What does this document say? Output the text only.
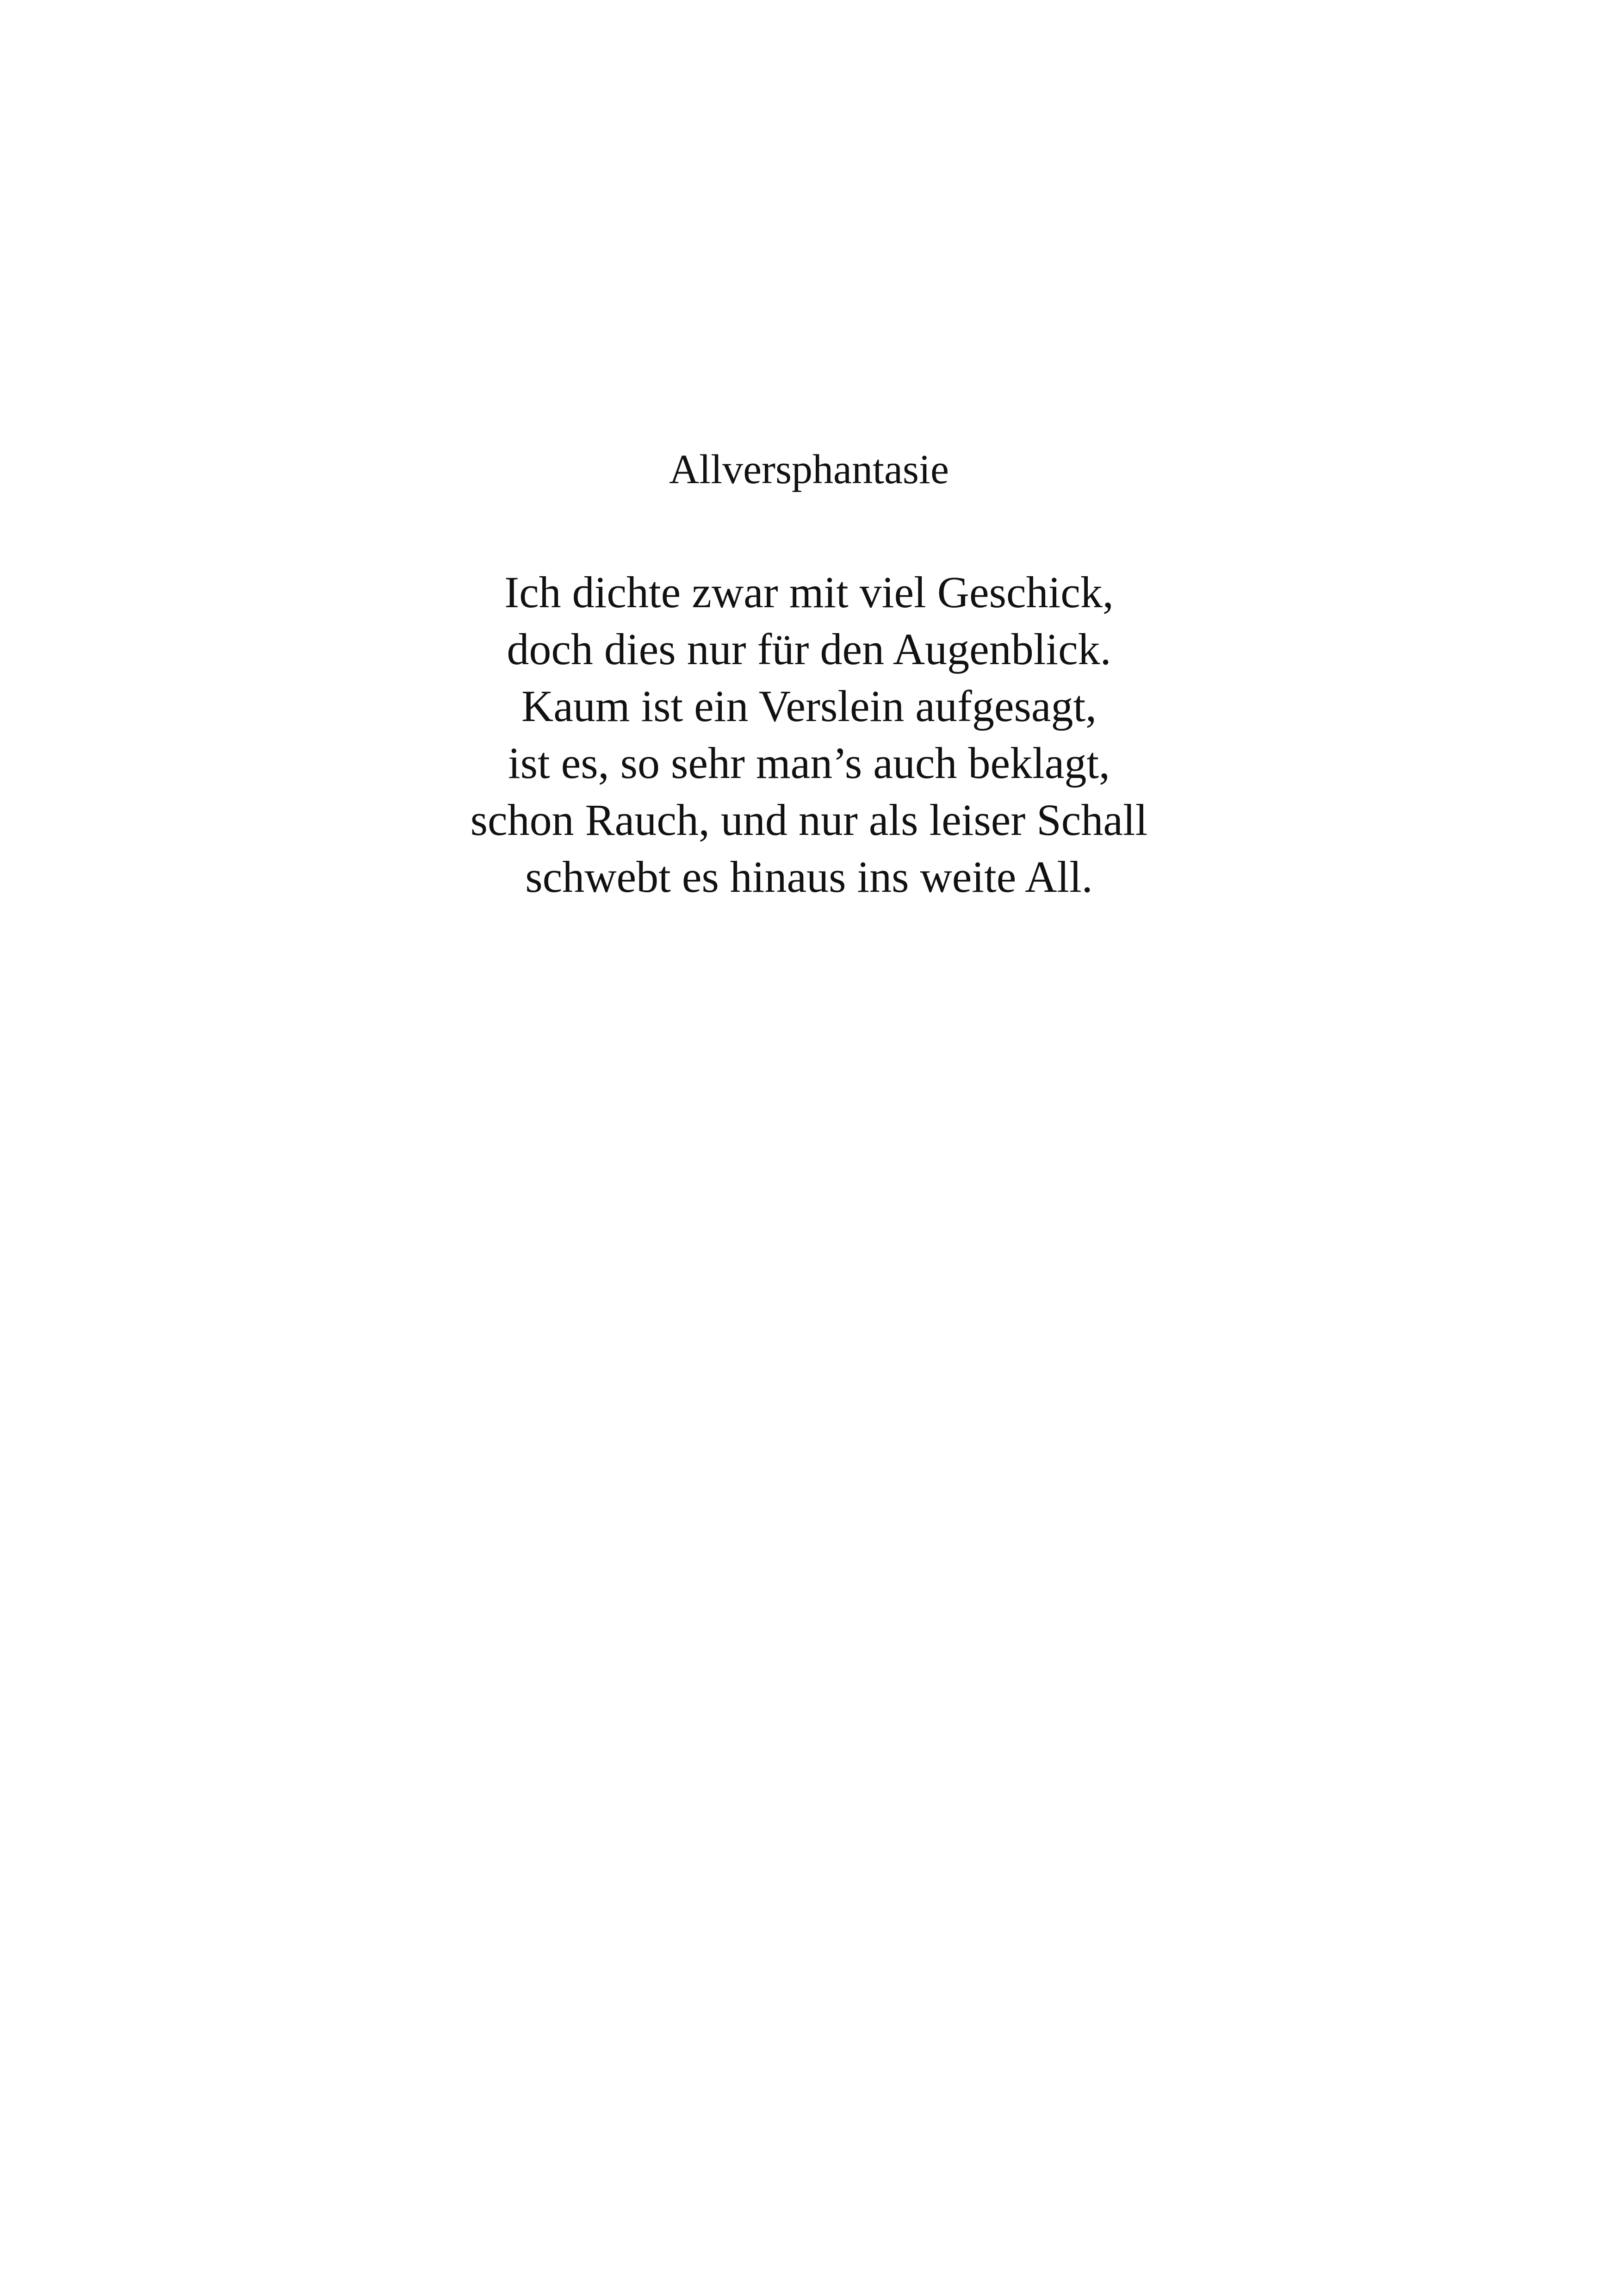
Allversphantasie
Ich dichte zwar mit viel Geschick,
doch dies nur für den Augenblick.
Kaum ist ein Verslein aufgesagt,
ist es, so sehr man’s auch beklagt,
schon Rauch, und nur als leiser Schall
schwebt es hinaus ins weite All.
